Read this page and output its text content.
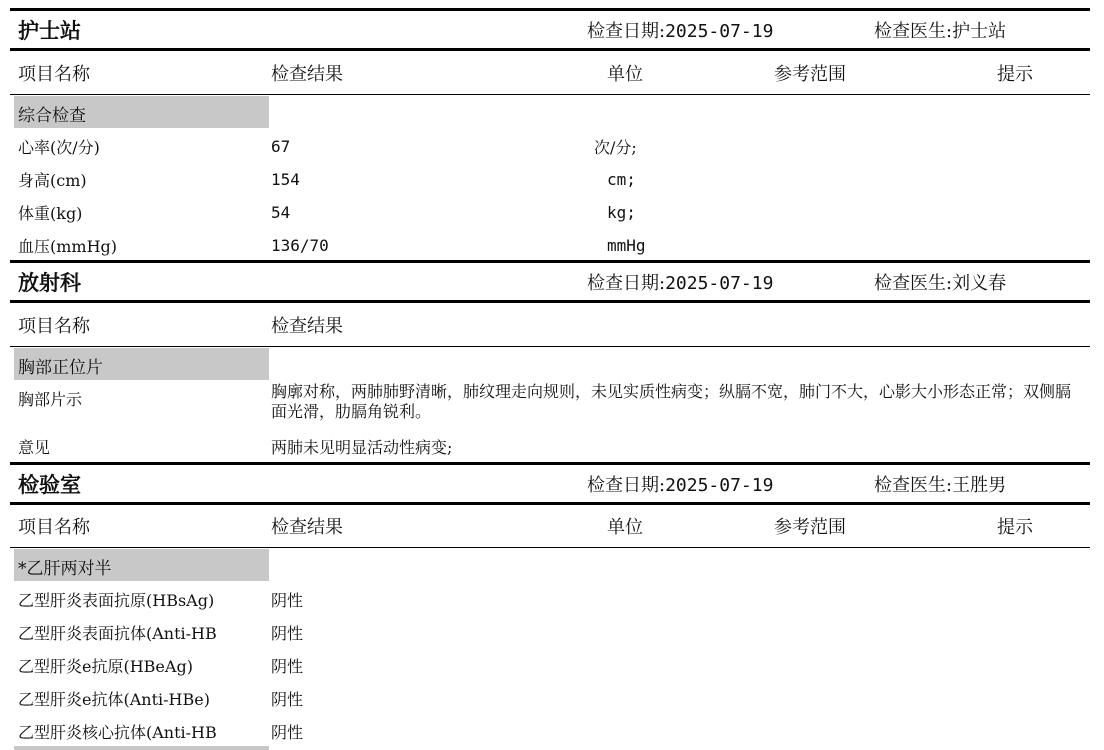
护士站	检查日期:2025-07-19	检查医生:护士站
项目名称	检查结果	单位	参考范围	提示
综合检查
心率(次/分)	67	次/分;
身高(cm)	154	cm;
体重(kg)	54	kg;
血压(mmHg)	136/70	mmHg
放射科	检查日期:2025-07-19	检查医生:刘义春
项目名称	检查结果
胸部正位片
胸部片示	胸廓对称，两肺肺野清晰，肺纹理走向规则，未见实质性病变；纵膈不宽，肺门不大，心影大小形态正常；双侧膈面光滑，肋膈角锐利。
意见	两肺未见明显活动性病变;
检验室	检查日期:2025-07-19	检查医生:王胜男
项目名称	检查结果	单位	参考范围	提示
*乙肝两对半
乙型肝炎表面抗原(HBsAg)	阴性
乙型肝炎表面抗体(Anti-HB	阴性
乙型肝炎e抗原(HBeAg)	阴性
乙型肝炎e抗体(Anti-HBe)	阴性
乙型肝炎核心抗体(Anti-HB	阴性
